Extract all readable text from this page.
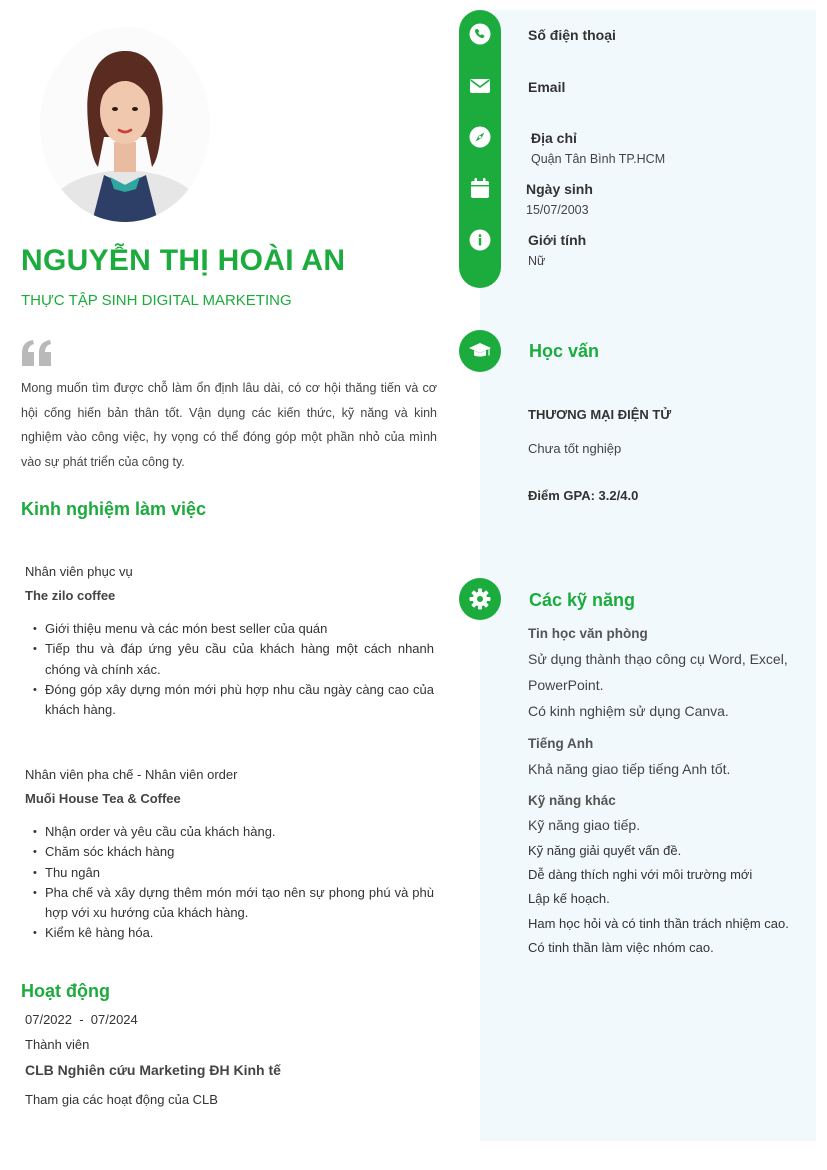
Số điện thoại
Email
Địa chỉ
Quận Tân Bình TP.HCM
Ngày sinh
15/07/2003
Giới tính
Nữ
NGUYỄN THỊ HOÀI AN
THỰC TẬP SINH DIGITAL MARKETING
Mong muốn tìm được chỗ làm ổn định lâu dài, có cơ hội thăng tiến và cơ hội cống hiến bản thân tốt. Vận dụng các kiến thức, kỹ năng và kinh nghiệm vào công việc, hy vọng có thể đóng góp một phần nhỏ của mình vào sự phát triển của công ty.
Kinh nghiệm làm việc
Nhân viên phục vụ
The zilo coffee
• Giới thiệu menu và các món best seller của quán
• Tiếp thu và đáp ứng yêu cầu của khách hàng một cách nhanh chóng và chính xác.
• Đóng góp xây dựng món mới phù hợp nhu cầu ngày càng cao của khách hàng.
Nhân viên pha chế - Nhân viên order
Muối House Tea & Coffee
• Nhận order và yêu cầu của khách hàng.
• Chăm sóc khách hàng
• Thu ngân
• Pha chế và xây dựng thêm món mới tạo nên sự phong phú và phù hợp với xu hướng của khách hàng.
• Kiểm kê hàng hóa.
Hoạt động
07/2022  -  07/2024
Thành viên
CLB Nghiên cứu Marketing ĐH Kinh tế
Tham gia các hoạt động của CLB
Học vấn
THƯƠNG MẠI ĐIỆN TỬ
Chưa tốt nghiệp
Điểm GPA: 3.2/4.0
Các kỹ năng
Tin học văn phòng
Sử dụng thành thạo công cụ Word, Excel,
PowerPoint.
Có kinh nghiệm sử dụng Canva.
Tiếng Anh
Khả năng giao tiếp tiếng Anh tốt.
Kỹ năng khác
Kỹ năng giao tiếp.
Kỹ năng giải quyết vấn đề.
Dễ dàng thích nghi với môi trường mới
Lập kế hoạch.
Ham học hỏi và có tinh thần trách nhiệm cao.
Có tinh thần làm việc nhóm cao.
